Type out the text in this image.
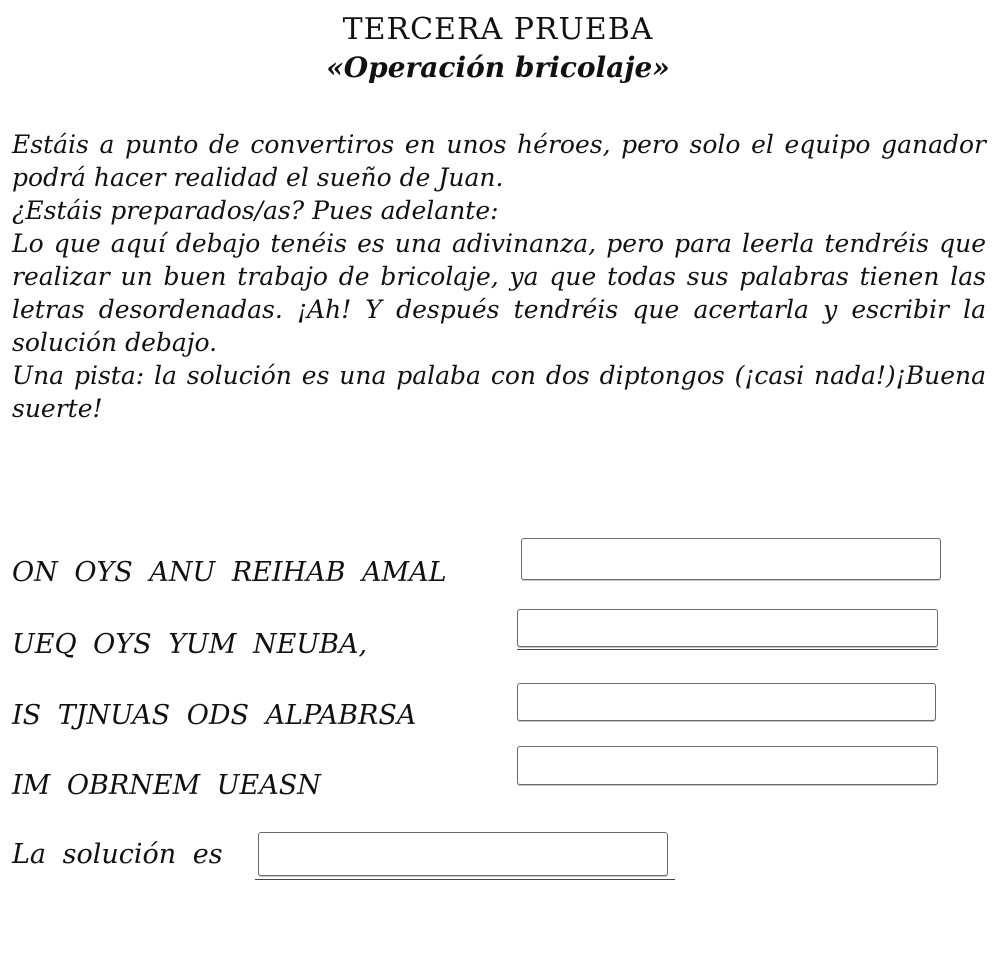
TERCERA PRUEBA
«Operación bricolaje»

Estáis a punto de convertiros en unos héroes, pero solo el equipo ganador podrá hacer realidad el sueño de Juan.

¿Estáis preparados/as? Pues adelante:

Lo que aquí debajo tenéis es una adivinanza, pero para leerla tendréis que realizar un buen trabajo de bricolaje, ya que todas sus palabras tienen las letras desordenadas. ¡Ah! Y después tendréis que acertarla y escribir la solución debajo.

Una pista: la solución es una palaba con dos diptongos (¡casi nada!)¡Buena suerte!

ON OYS ANU REIHAB AMAL
UEQ OYS YUM NEUBA,
IS TJNUAS ODS ALPABRSA
IM OBRNEM UEASN
La solución es
